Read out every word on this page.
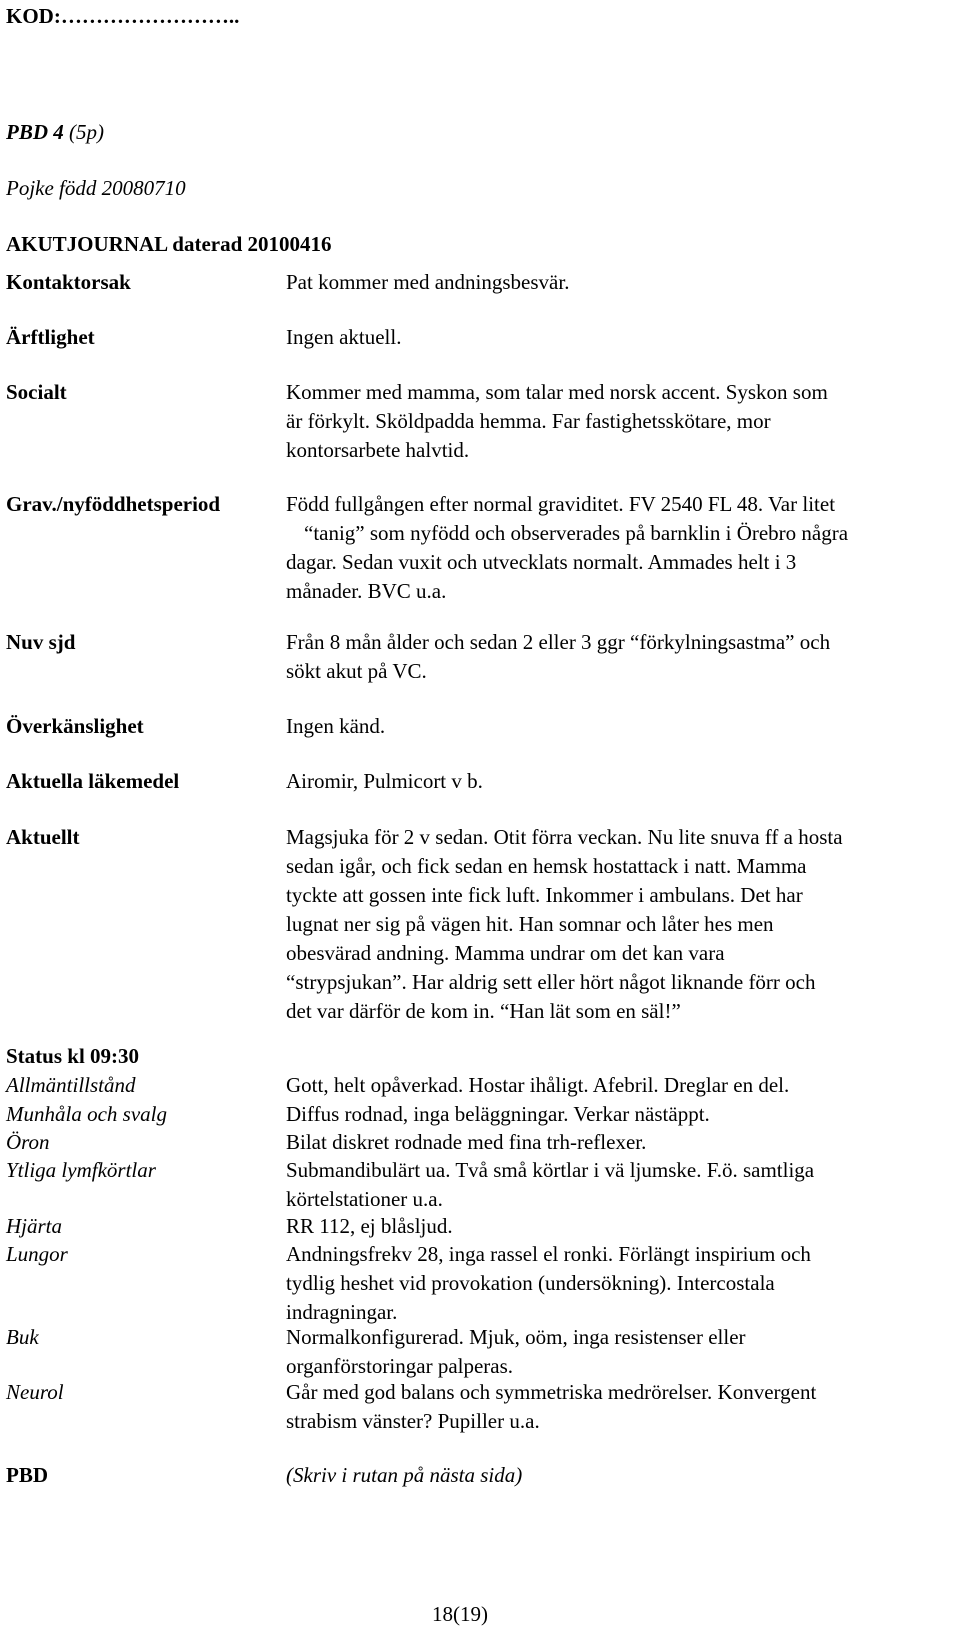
KOD:……………………..
PBD 4 (5p)
Pojke född 20080710
AKUTJOURNAL daterad 20100416
Kontaktorsak	Pat kommer med andningsbesvär.
Ärftlighet	Ingen aktuell.
Socialt	Kommer med mamma, som talar med norsk accent. Syskon som
är förkylt. Sköldpadda hemma. Far fastighetsskötare, mor
kontorsarbete halvtid.
Grav./nyföddhetsperiod	Född fullgången efter normal graviditet. FV 2540 FL 48. Var litet
“tanig” som nyfödd och observerades på barnklin i Örebro några
dagar. Sedan vuxit och utvecklats normalt. Ammades helt i 3
månader. BVC u.a.
Nuv sjd	Från 8 mån ålder och sedan 2 eller 3 ggr “förkylningsastma” och
sökt akut på VC.
Överkänslighet	Ingen känd.
Aktuella läkemedel	Airomir, Pulmicort v b.
Aktuellt	Magsjuka för 2 v sedan. Otit förra veckan. Nu lite snuva ff a hosta
sedan igår, och fick sedan en hemsk hostattack i natt. Mamma
tyckte att gossen inte fick luft. Inkommer i ambulans. Det har
lugnat ner sig på vägen hit. Han somnar och låter hes men
obesvärad andning. Mamma undrar om det kan vara
“strypsjukan”. Har aldrig sett eller hört något liknande förr och
det var därför de kom in. “Han lät som en säl!”
Status kl 09:30
Allmäntillstånd	Gott, helt opåverkad. Hostar ihåligt. Afebril. Dreglar en del.
Munhåla och svalg	Diffus rodnad, inga beläggningar. Verkar nästäppt.
Öron	Bilat diskret rodnade med fina trh-reflexer.
Ytliga lymfkörtlar	Submandibulärt ua. Två små körtlar i vä ljumske. F.ö. samtliga
körtelstationer u.a.
Hjärta	RR 112, ej blåsljud.
Lungor	Andningsfrekv 28, inga rassel el ronki. Förlängt inspirium och
tydlig heshet vid provokation (undersökning). Intercostala
indragningar.
Buk	Normalkonfigurerad. Mjuk, oöm, inga resistenser eller
organförstoringar palperas.
Neurol	Går med god balans och symmetriska medrörelser. Konvergent
strabism vänster? Pupiller u.a.
PBD	(Skriv i rutan på nästa sida)
18(19)
